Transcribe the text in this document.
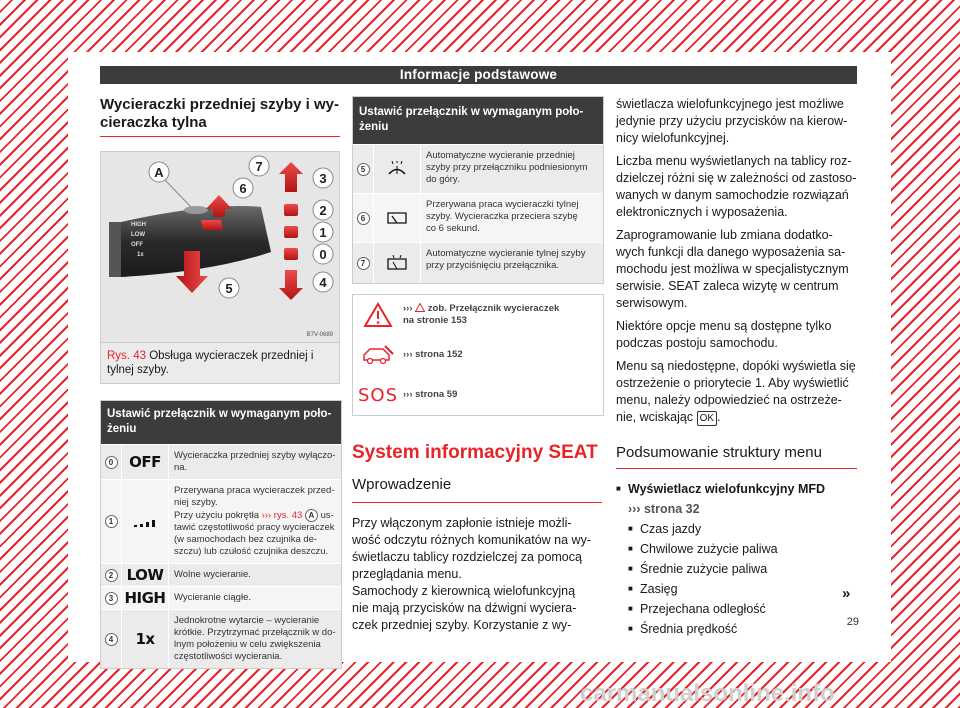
Informacje podstawowe
Wycieraczki przedniej szyby i wy-
cieraczka tylna
HIGH
LOW
OFF
1x
A	7
6
3
2
1
0
4
5
B7V-0689
Rys. 43 Obsługa wycieraczek przedniej i tylnej szyby.
Ustawić przełącznik w wymaganym poło-
żeniu
0 OFF	Wycieraczka przedniej szyby wyłączo-
na.
1
Przerywana praca wycieraczek przed-
niej szyby.
Przy użyciu pokrętła ››› rys. 43 A us-
tawić częstotliwość pracy wycieraczek
(w samochodach bez czujnika de-
szczu) lub czułość czujnika deszczu.
2 LOW	Wolne wycieranie.
3 HIGH Wycieranie ciągłe.
4 1x
Jednokrotne wytarcie – wycieranie
krótkie. Przytrzymać przełącznik w do-
lnym położeniu w celu zwiększenia
częstotliwości wycierania.
Ustawić przełącznik w wymaganym poło-
żeniu
5
Automatyczne wycieranie przedniej
szyby przy przełączniku podniesionym
do góry.
6
Przerywana praca wycieraczki tylnej
szyby. Wycieraczka przeciera szybę
co 6 sekund.
7
Automatyczne wycieranie tylnej szyby
przy przyciśnięciu przełącznika.
›››  zob. Przełącznik wycieraczek
na stronie 153
››› strona 152
SOS ››› strona 59
System informacyjny SEAT
Wprowadzenie

Przy włączonym zapłonie istnieje możli-
wość odczytu różnych komunikatów na wy-
świetlaczu tablicy rozdzielczej za pomocą
przeglądania menu.
Samochody z kierownicą wielofunkcyjną
nie mają przycisków na dźwigni wyciera-
czek przedniej szyby. Korzystanie z wy-

świetlacza wielofunkcyjnego jest możliwe
jedynie przy użyciu przycisków na kierow-
nicy wielofunkcyjnej.

Liczba menu wyświetlanych na tablicy roz-
dzielczej różni się w zależności od zastoso-
wanych w danym samochodzie rozwiązań
elektronicznych i wyposażenia.

Zaprogramowanie lub zmiana dodatko-
wych funkcji dla danego wyposażenia sa-
mochodu jest możliwa w specjalistycznym
serwisie. SEAT zaleca wizytę w centrum
serwisowym.

Niektóre opcje menu są dostępne tylko
podczas postoju samochodu.

Menu są niedostępne, dopóki wyświetla się
ostrzeżenie o priorytecie 1. Aby wyświetlić
menu, należy odpowiedzieć na ostrzeże-
nie, wciskając OK .

Podsumowanie struktury menu
■ Wyświetlacz wielofunkcyjny MFD
››› strona 32
■ Czas jazdy
■ Chwilowe zużycie paliwa
■ Średnie zużycie paliwa
■ Zasięg
■ Przejechana odległość
■ Średnia prędkość
»
29
carmanualsonline.info
